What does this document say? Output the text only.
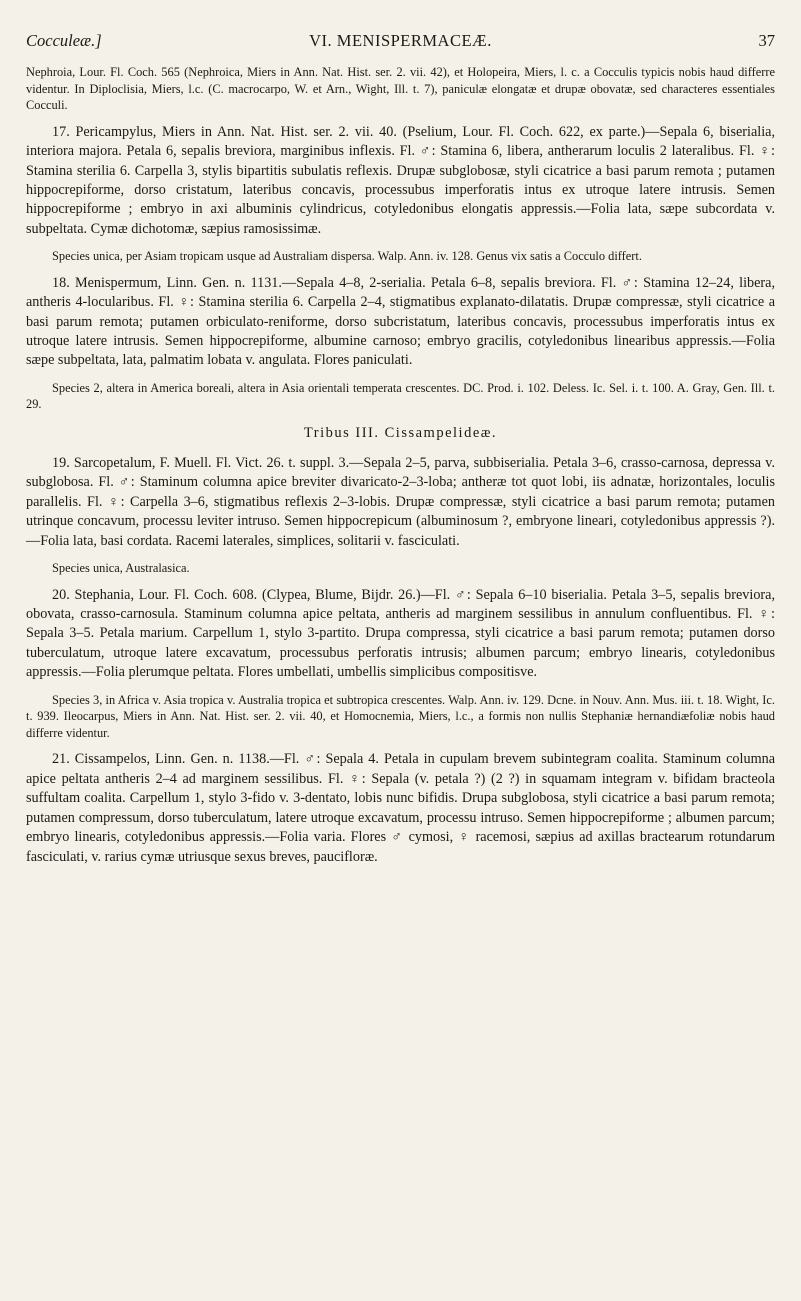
Cocculeæ.]	VI. MENISPERMACEÆ.	37

Nephroia, Lour. Fl. Coch. 565 (Nephroica, Miers in Ann. Nat. Hist. ser. 2. vii. 42), et Holopeira, Miers, l. c. a Cocculis typicis nobis haud differre videntur. In Diploclisia, Miers, l.c. (C. macrocarpo, W. et Arn., Wight, Ill. t. 7), paniculæ elongatæ et drupæ obovatæ, sed characteres essentiales Cocculi.

17. Pericampylus, Miers in Ann. Nat. Hist. ser. 2. vii. 40. (Pselium, Lour. Fl. Coch. 622, ex parte.)—Sepala 6, biserialia, interiora majora. Petala 6, sepalis breviora, marginibus inflexis. Fl. ♂: Stamina 6, libera, antherarum loculis 2 lateralibus. Fl. ♀: Stamina sterilia 6. Carpella 3, stylis bipartitis subulatis reflexis. Drupæ subglobosæ, styli cicatrice a basi parum remota ; putamen hippocrepiforme, dorso cristatum, lateribus concavis, processubus imperforatis intus ex utroque latere intrusis. Semen hippocrepiforme ; embryo in axi albuminis cylindricus, cotyledonibus elongatis appressis.—Folia lata, sæpe subcordata v. subpeltata. Cymæ dichotomæ, sæpius ramosissimæ.

Species unica, per Asiam tropicam usque ad Australiam dispersa. Walp. Ann. iv. 128. Genus vix satis a Cocculo differt.

18. Menispermum, Linn. Gen. n. 1131.—Sepala 4–8, 2-serialia. Petala 6–8, sepalis breviora. Fl. ♂: Stamina 12–24, libera, antheris 4-locularibus. Fl. ♀: Stamina sterilia 6. Carpella 2–4, stigmatibus explanato-dilatatis. Drupæ compressæ, styli cicatrice a basi parum remota; putamen orbiculato-reniforme, dorso subcristatum, lateribus concavis, processubus imperforatis intus ex utroque latere intrusis. Semen hippocrepiforme, albumine carnoso; embryo gracilis, cotyledonibus linearibus appressis.—Folia sæpe subpeltata, lata, palmatim lobata v. angulata. Flores paniculati.

Species 2, altera in America boreali, altera in Asia orientali temperata crescentes. DC. Prod. i. 102. Deless. Ic. Sel. i. t. 100. A. Gray, Gen. Ill. t. 29.

Tribus III. Cissampelideæ.

19. Sarcopetalum, F. Muell. Fl. Vict. 26. t. suppl. 3.—Sepala 2–5, parva, subbiserialia. Petala 3–6, crasso-carnosa, depressa v. subglobosa. Fl. ♂: Staminum columna apice breviter divaricato-2–3-loba; antheræ tot quot lobi, iis adnatæ, horizontales, loculis parallelis. Fl. ♀: Carpella 3–6, stigmatibus reflexis 2–3-lobis. Drupæ compressæ, styli cicatrice a basi parum remota; putamen utrinque concavum, processu leviter intruso. Semen hippocrepicum (albuminosum ?, embryone lineari, cotyledonibus appressis ?).—Folia lata, basi cordata. Racemi laterales, simplices, solitarii v. fasciculati.

Species unica, Australasica.

20. Stephania, Lour. Fl. Coch. 608. (Clypea, Blume, Bijdr. 26.)—Fl. ♂: Sepala 6–10 biserialia. Petala 3–5, sepalis breviora, obovata, crasso-carnosula. Staminum columna apice peltata, antheris ad marginem sessilibus in annulum confluentibus. Fl. ♀: Sepala 3–5. Petala marium. Carpellum 1, stylo 3-partito. Drupa compressa, styli cicatrice a basi parum remota; putamen dorso tuberculatum, utroque latere excavatum, processubus perforatis intrusis; albumen parcum; embryo linearis, cotyledonibus appressis.—Folia plerumque peltata. Flores umbellati, umbellis simplicibus compositisve.

Species 3, in Africa v. Asia tropica v. Australia tropica et subtropica crescentes. Walp. Ann. iv. 129. Dcne. in Nouv. Ann. Mus. iii. t. 18. Wight, Ic. t. 939. Ileocarpus, Miers in Ann. Nat. Hist. ser. 2. vii. 40, et Homocnemia, Miers, l.c., a formis non nullis Stephaniæ hernandiæfoliæ nobis haud differre videntur.

21. Cissampelos, Linn. Gen. n. 1138.—Fl. ♂: Sepala 4. Petala in cupulam brevem subintegram coalita. Staminum columna apice peltata antheris 2–4 ad marginem sessilibus. Fl. ♀: Sepala (v. petala ?) (2 ?) in squamam integram v. bifidam bracteola suffultam coalita. Carpellum 1, stylo 3-fido v. 3-dentato, lobis nunc bifidis. Drupa subglobosa, styli cicatrice a basi parum remota; putamen compressum, dorso tuberculatum, latere utroque excavatum, processu intruso. Semen hippocrepiforme ; albumen parcum; embryo linearis, cotyledonibus appressis.—Folia varia. Flores ♂ cymosi, ♀ racemosi, sæpius ad axillas bractearum rotundarum fasciculati, v. rarius cymæ utriusque sexus breves, paucifloræ.
